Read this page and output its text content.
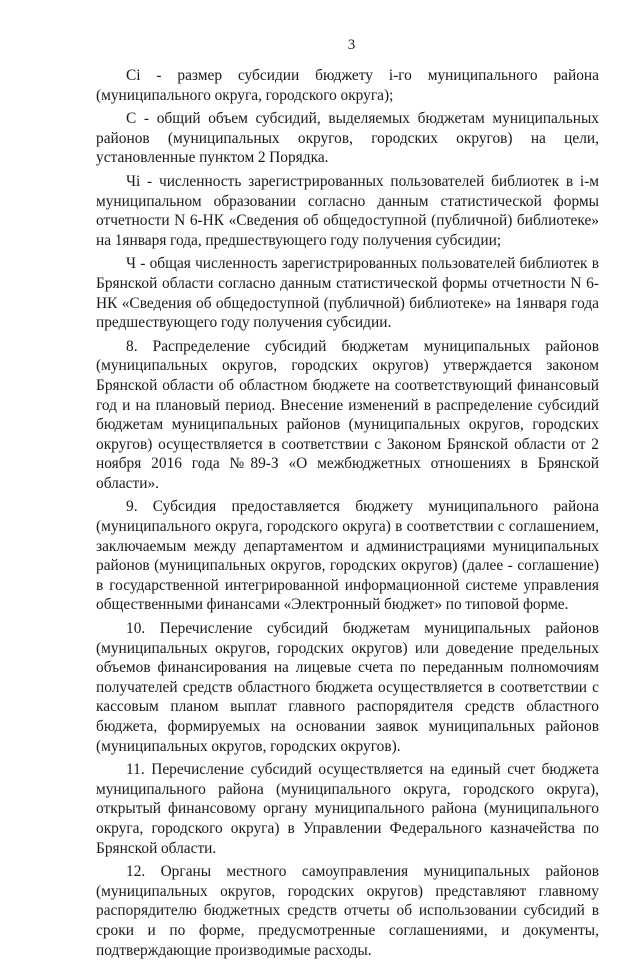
3

Ci - размер субсидии бюджету i-го муниципального района (муниципального округа, городского округа);

С - общий объем субсидий, выделяемых бюджетам муниципальных районов (муниципальных округов, городских округов) на цели, установленные пунктом 2 Порядка.

Чi - численность зарегистрированных пользователей библиотек в i-м муниципальном образовании согласно данным статистической формы отчетности N 6-НК «Сведения об общедоступной (публичной) библиотеке» на 1января года, предшествующего году получения субсидии;

Ч - общая численность зарегистрированных пользователей библиотек в Брянской области согласно данным статистической формы отчетности N 6-НК «Сведения об общедоступной (публичной) библиотеке» на 1января года предшествующего году получения субсидии.

8. Распределение субсидий бюджетам муниципальных районов (муниципальных округов, городских округов) утверждается законом Брянской области об областном бюджете на соответствующий финансовый год и на плановый период. Внесение изменений в распределение субсидий бюджетам муниципальных районов (муниципальных округов, городских округов) осуществляется в соответствии с Законом Брянской области от 2 ноября 2016 года №89-З «О межбюджетных отношениях в Брянской области».

9. Субсидия предоставляется бюджету муниципального района (муниципального округа, городского округа) в соответствии с соглашением, заключаемым между департаментом и администрациями муниципальных районов (муниципальных округов, городских округов) (далее - соглашение) в государственной интегрированной информационной системе управления общественными финансами «Электронный бюджет» по типовой форме.

10. Перечисление субсидий бюджетам муниципальных районов (муниципальных округов, городских округов) или доведение предельных объемов финансирования на лицевые счета по переданным полномочиям получателей средств областного бюджета осуществляется в соответствии с кассовым планом выплат главного распорядителя средств областного бюджета, формируемых на основании заявок муниципальных районов (муниципальных округов, городских округов).

11. Перечисление субсидий осуществляется на единый счет бюджета муниципального района (муниципального округа, городского округа), открытый финансовому органу муниципального района (муниципального округа, городского округа) в Управлении Федерального казначейства по Брянской области.

12. Органы местного самоуправления муниципальных районов (муниципальных округов, городских округов) представляют главному распорядителю бюджетных средств отчеты об использовании субсидий в сроки и по форме, предусмотренные соглашениями, и документы, подтверждающие производимые расходы.
